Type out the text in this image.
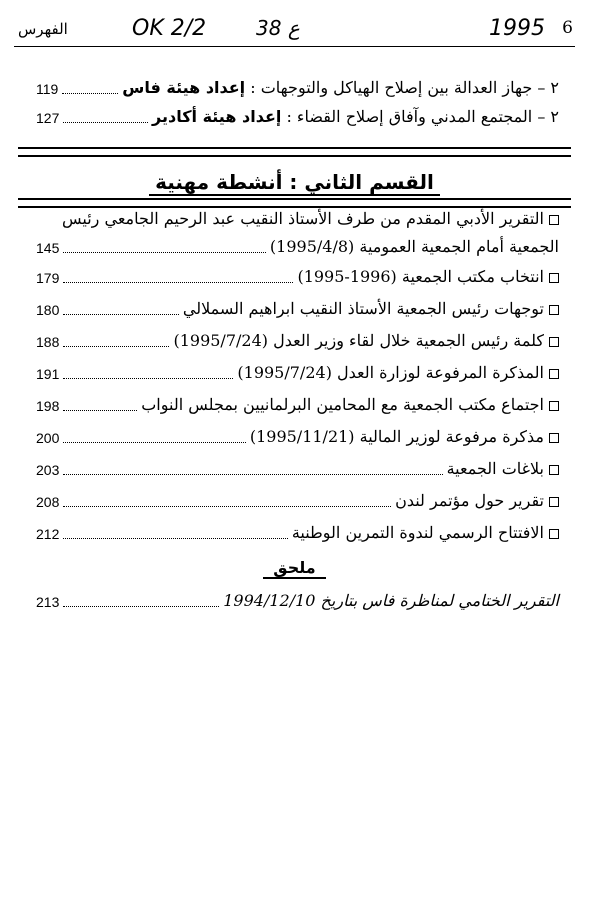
6
1995
38 ع
OK 2/2
الفهرس
119	٢ – جهاز العدالة بين إصلاح الهياكل والتوجهات : إعداد هيئة فاس
127	٢ – المجتمع المدني وآفاق إصلاح القضاء : إعداد هيئة أكادير
القسم الثاني : أنشطة مهنية
التقرير الأدبي المقدم من طرف الأستاذ النقيب عبد الرحيم الجامعي رئيس
145	الجمعية أمام الجمعية العمومية (1995/4/8)
179	انتخاب مكتب الجمعية (1996-1995)
180	توجهات رئيس الجمعية الأستاذ النقيب ابراهيم السملالي
188	كلمة رئيس الجمعية خلال لقاء وزير العدل (1995/7/24)
191	المذكرة المرفوعة لوزارة العدل (1995/7/24)
198	اجتماع مكتب الجمعية مع المحامين البرلمانيين بمجلس النواب
200	مذكرة مرفوعة لوزير المالية (1995/11/21)
203	بلاغات الجمعية
208	تقرير حول مؤتمر لندن
212	الافتتاح الرسمي لندوة التمرين الوطنية
ملحق
213	التقرير الختامي لمناظرة فاس بتاريخ 1994/12/10
